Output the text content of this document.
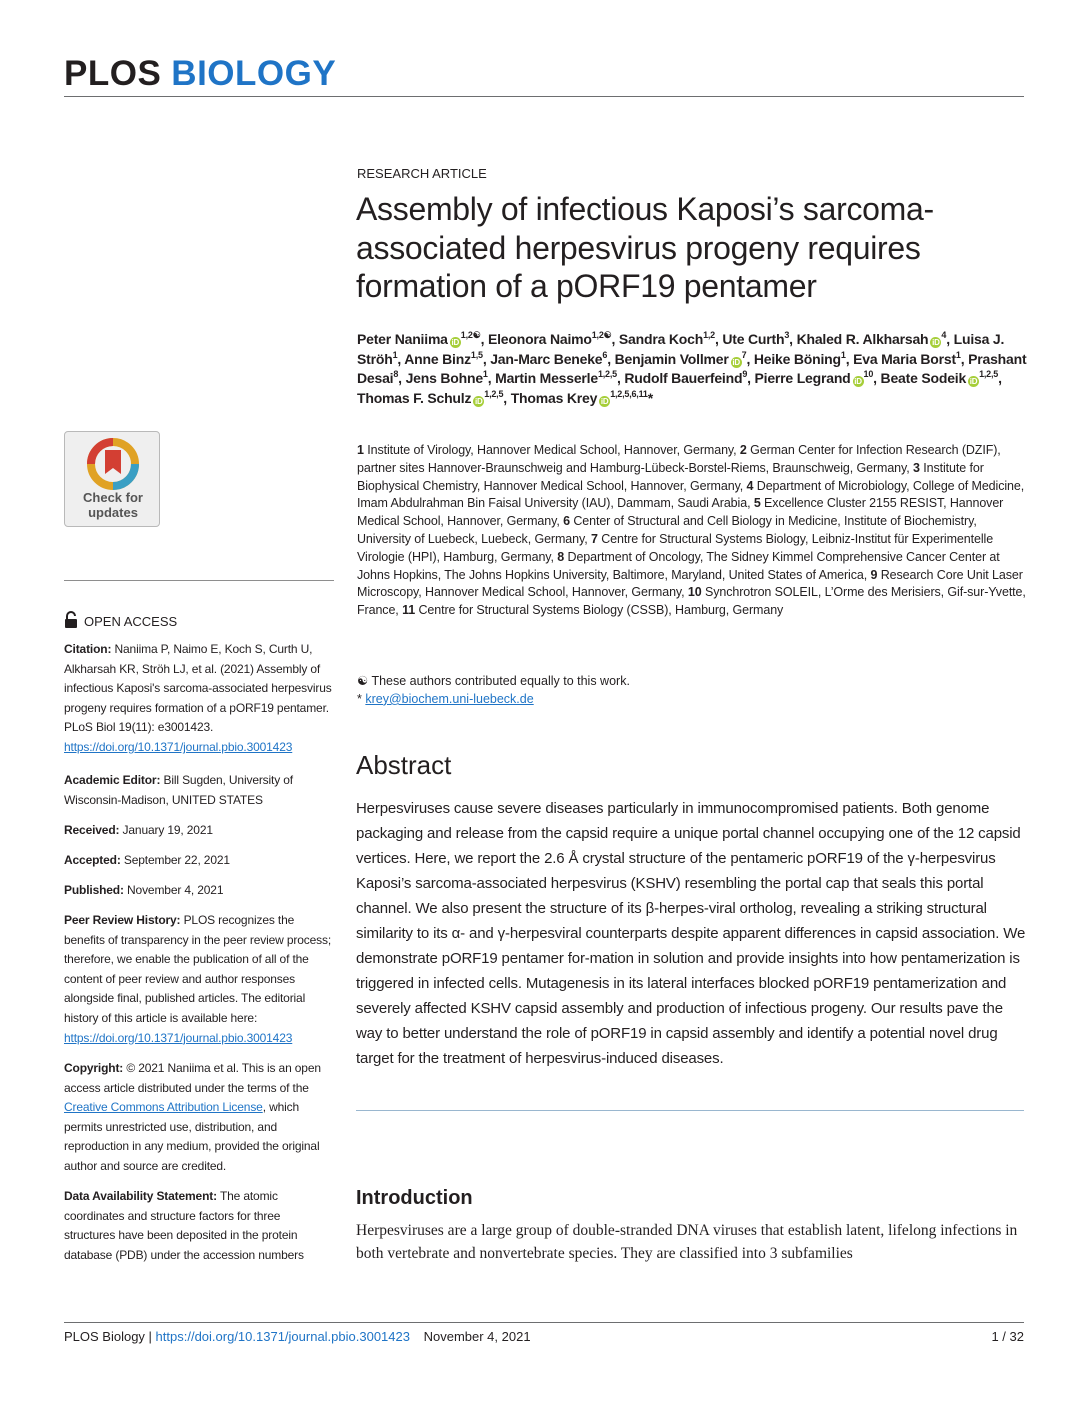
PLOS BIOLOGY
Check for
updates
OPEN ACCESS
Citation: Naniima P, Naimo E, Koch S, Curth U, Alkharsah KR, Ströh LJ, et al. (2021) Assembly of infectious Kaposi's sarcoma-associated herpesvirus progeny requires formation of a pORF19 pentamer. PLoS Biol 19(11): e3001423. https://doi.org/10.1371/journal.pbio.3001423
Academic Editor: Bill Sugden, University of Wisconsin-Madison, UNITED STATES
Received: January 19, 2021
Accepted: September 22, 2021
Published: November 4, 2021
Peer Review History: PLOS recognizes the benefits of transparency in the peer review process; therefore, we enable the publication of all of the content of peer review and author responses alongside final, published articles. The editorial history of this article is available here: https://doi.org/10.1371/journal.pbio.3001423
Copyright: © 2021 Naniima et al. This is an open access article distributed under the terms of the Creative Commons Attribution License, which permits unrestricted use, distribution, and reproduction in any medium, provided the original author and source are credited.
Data Availability Statement: The atomic coordinates and structure factors for three structures have been deposited in the protein database (PDB) under the accession numbers
RESEARCH ARTICLE
Assembly of infectious Kaposi’s sarcoma-associated herpesvirus progeny requires formation of a pORF19 pentamer
Peter Naniima $iD^{1,2☯}$, Eleonora Naimo$^{1,2☯}$, Sandra Koch$^{1,2}$, Ute Curth$^3$, Khaled R. Alkharsah $iD^4$, Luisa J. Ströh$^1$, Anne Binz$^{1,5}$, Jan-Marc Beneke$^6$, Benjamin Vollmer $iD^7$, Heike Böning$^1$, Eva Maria Borst$^1$, Prashant Desai$^8$, Jens Bohne$^1$, Martin Messerle$^{1,2,5}$, Rudolf Bauerfeind$^9$, Pierre Legrand $iD^{10}$, Beate Sodeik iD$^{1,2,5}$, Thomas F. Schulz iD$^{1,2,5}$, Thomas Krey iD$^{1,2,5,6,11}$*
1 Institute of Virology, Hannover Medical School, Hannover, Germany, 2 German Center for Infection Research (DZIF), partner sites Hannover-Braunschweig and Hamburg-Lübeck-Borstel-Riems, Braunschweig, Germany, 3 Institute for Biophysical Chemistry, Hannover Medical School, Hannover, Germany, 4 Department of Microbiology, College of Medicine, Imam Abdulrahman Bin Faisal University (IAU), Dammam, Saudi Arabia, 5 Excellence Cluster 2155 RESIST, Hannover Medical School, Hannover, Germany, 6 Center of Structural and Cell Biology in Medicine, Institute of Biochemistry, University of Luebeck, Luebeck, Germany, 7 Centre for Structural Systems Biology, Leibniz-Institut für Experimentelle Virologie (HPI), Hamburg, Germany, 8 Department of Oncology, The Sidney Kimmel Comprehensive Cancer Center at Johns Hopkins, The Johns Hopkins University, Baltimore, Maryland, United States of America, 9 Research Core Unit Laser Microscopy, Hannover Medical School, Hannover, Germany, 10 Synchrotron SOLEIL, L’Orme des Merisiers, Gif-sur-Yvette, France, 11 Centre for Structural Systems Biology (CSSB), Hamburg, Germany
☯ These authors contributed equally to this work.
* krey@biochem.uni-luebeck.de
Abstract
Herpesviruses cause severe diseases particularly in immunocompromised patients. Both genome packaging and release from the capsid require a unique portal channel occupying one of the 12 capsid vertices. Here, we report the 2.6 Å crystal structure of the pentameric pORF19 of the γ-herpesvirus Kaposi’s sarcoma-associated herpesvirus (KSHV) resembling the portal cap that seals this portal channel. We also present the structure of its β-herpes-viral ortholog, revealing a striking structural similarity to its α- and γ-herpesviral counterparts despite apparent differences in capsid association. We demonstrate pORF19 pentamer for-mation in solution and provide insights into how pentamerization is triggered in infected cells. Mutagenesis in its lateral interfaces blocked pORF19 pentamerization and severely affected KSHV capsid assembly and production of infectious progeny. Our results pave the way to better understand the role of pORF19 in capsid assembly and identify a potential novel drug target for the treatment of herpesvirus-induced diseases.
Introduction
Herpesviruses are a large group of double-stranded DNA viruses that establish latent, lifelong infections in both vertebrate and nonvertebrate species. They are classified into 3 subfamilies
PLOS Biology | https://doi.org/10.1371/journal.pbio.3001423 November 4, 2021	1 / 32
